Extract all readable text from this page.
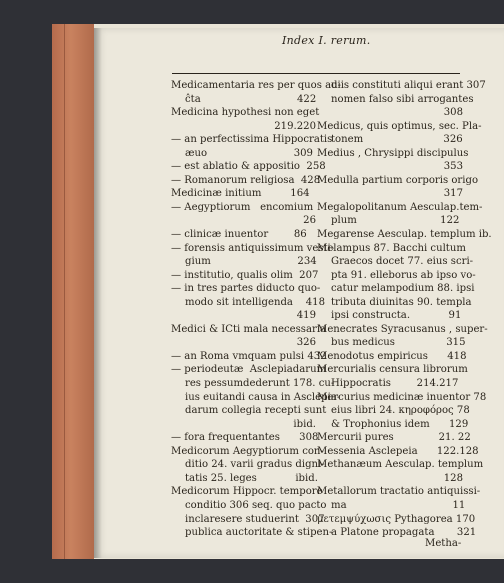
Index I. rerum.
Medicamentaria res per quos au-
ĉta                              422
Medicina hypothesi non eget
219.220
— an perfectissima Hippocratis
æuo                           309
— est ablatio & appositio  258
— Romanorum religiosa  428
Medicinæ initium         164
— Aegyptiorum   encomium
26
— clinicæ inuentor        86
— forensis antiquissimum vesti-
gium                           234
— institutio, qualis olim  207
— in tres partes diducto quo-
modo sit intelligenda    418
419
Medici & ICti mala necessaria
326
— an Roma vmquam pulsi 432
— periodeutæ  Asclepiadarum
res pessumdederunt 178. cu-
ius euitandi causa in Asclepia-
darum collegia recepti sunt
ibid.
— fora frequentantes      308
Medicorum Aegyptiorum con-
ditio 24. varii gradus digni-
tatis 25. leges            ibid.
Medicorum Hippocr. tempore
conditio 306 seq. quo pacto
inclaresere studuerint  307
publica auctoritate & stipen-
diis constituti aliqui erant 307
nomen falso sibi arrogantes
308
Medicus, quis optimus, sec. Pla-
tonem                         326
Medius , Chrysippi discipulus
353
Medulla partium corporis origo
317
Megalopolitanum Aesculap.tem-
plum                          122
Megarense Aesculap. templum ib.
Melampus 87. Bacchi cultum
Graecos docet 77. eius scri-
pta 91. elleborus ab ipso vo-
catur melampodium 88. ipsi
tributa diuinitas 90. templa
ipsi constructa.            91
Menecrates Syracusanus , super-
bus medicus                315
Menodotus empiricus      418
Mercurialis censura librorum
Hippocratis        214.217
Mercurius medicinæ inuentor 78
eius libri 24. κηροφόρος 78
& Trophonius idem      129
Mercurii pures              21. 22
Messenia Asclepeia      122.128
Methanæum Aesculap. templum
128
Metallorum tractatio antiquissi-
ma                                 11
μετεμψύχωσις Pythagorea 170
a Platone propagata       321
Metha-
